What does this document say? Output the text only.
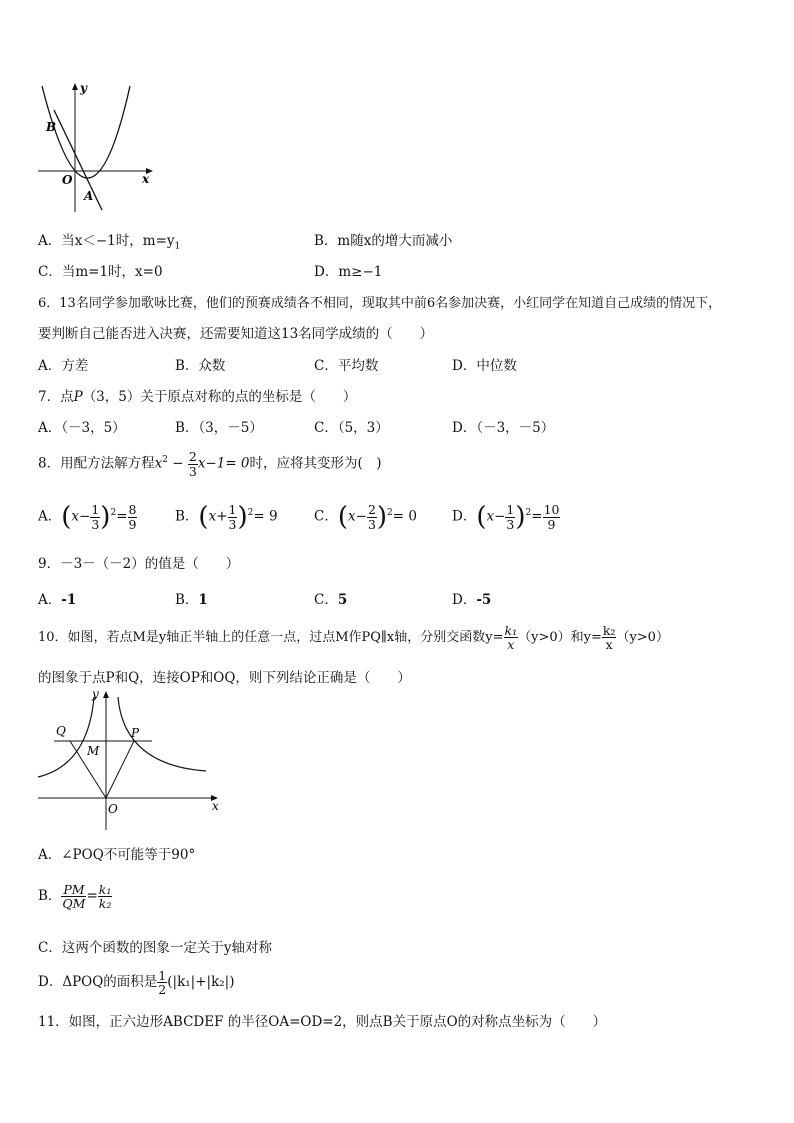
y
x
B
O
A
A．当x＜−1时，$m=y_1$	B．m随x的增大而减小
C．当m=1时，x=0	D．m≥−1
6．13名同学参加歌咏比赛，他们的预赛成绩各不相同，现取其中前6名参加决赛，小红同学在知道自己成绩的情况下，
要判断自己能否进入决赛，还需要知道这13名同学成绩的（　　）
A．方差	B．众数	C．平均数	D．中位数
7．点P（3，5）关于原点对称的点的坐标是（　　）
A．（－3，5）	B．（3，－5）	C．（5，3）	D．（－3，－5）
8．用配方法解方程$x^2 - \frac{2}{3} x-1= 0$时，应将其变形为(　)
A．$(x- \frac{1}{3} )^2= \frac{8}{9}$	B．$(x+ \frac{1}{3} )^2= 9$	C．$(x- \frac{2}{3} )^2= 0$	D．$(x- \frac{1}{3} )^2= \frac{10}{9}$
9．－3－（－2）的值是（　　）
A．-1	B．1	C．5	D．-5
10．如图，若点M是y轴正半轴上的任意一点，过点M作PQ∥x轴，分别交函数$y= \frac{\text{k₁}}{x} (y>0)$和$y= \frac{\text{k₂}}{x} (y>0)$
的图象于点P和Q，连接OP和OQ，则下列结论正确是（　　）
y
x
Q	P
M
O
A．∠POQ不可能等于90°
B． $\frac{PM}{QM} = \frac{\text{k₁}}{\text{k₂}}$
C．这两个函数的图象一定关于y轴对称
D．ΔPOQ的面积是 $\frac{1}{2} (|k_1|+|k_2|)$
11．如图，正六边形ABCDEF 的半径OA=OD=2，则点B关于原点O的对称点坐标为（　　）
